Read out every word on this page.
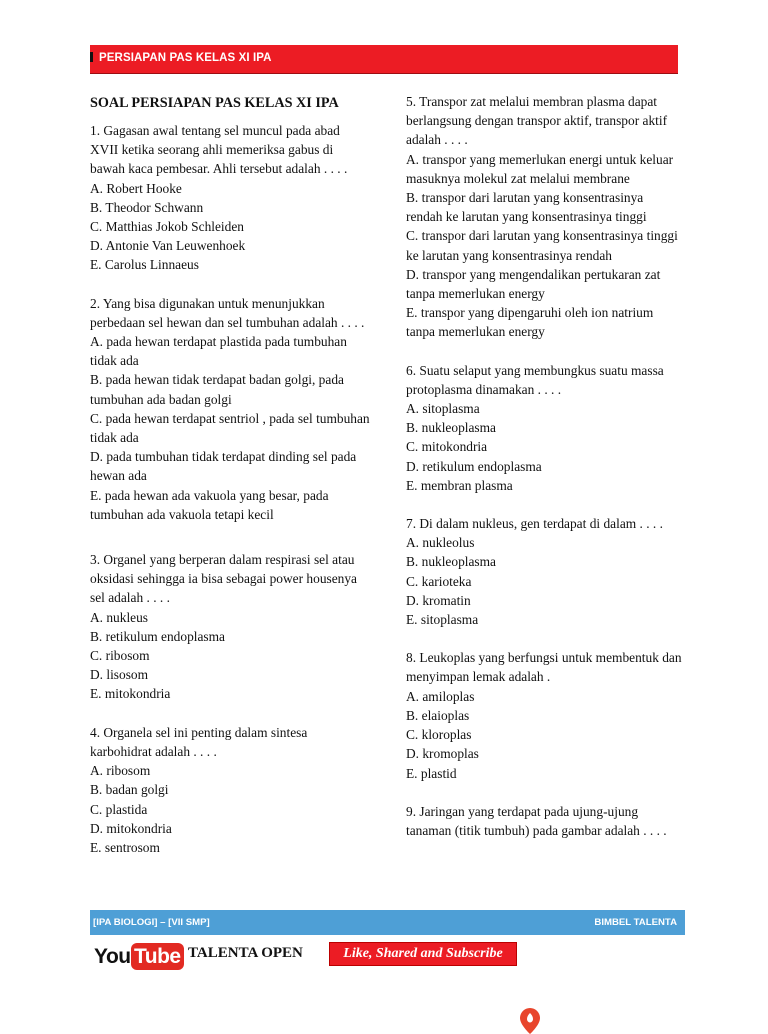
PERSIAPAN PAS KELAS XI IPA
SOAL PERSIAPAN PAS KELAS XI IPA
1. Gagasan awal tentang sel muncul pada abad XVII ketika seorang ahli memeriksa gabus di bawah kaca pembesar. Ahli tersebut adalah . . . .
A. Robert Hooke
B. Theodor Schwann
C. Matthias Jokob Schleiden
D. Antonie Van Leuwenhoek
E. Carolus Linnaeus
2. Yang bisa digunakan untuk menunjukkan perbedaan sel hewan dan sel tumbuhan adalah . . . .
A. pada hewan terdapat plastida pada tumbuhan tidak ada
B. pada hewan tidak terdapat badan golgi, pada tumbuhan ada badan golgi
C. pada hewan terdapat sentriol , pada sel tumbuhan tidak ada
D. pada tumbuhan tidak terdapat dinding sel pada hewan ada
E. pada hewan ada vakuola yang besar, pada tumbuhan ada vakuola tetapi kecil
3. Organel yang berperan dalam respirasi sel atau oksidasi sehingga ia bisa sebagai power housenya sel adalah . . . .
A. nukleus
B. retikulum endoplasma
C. ribosom
D. lisosom
E. mitokondria
4. Organela sel ini penting dalam sintesa karbohidrat adalah . . . .
A. ribosom
B. badan golgi
C. plastida
D. mitokondria
E. sentrosom
5. Transpor zat melalui membran plasma dapat berlangsung dengan transpor aktif, transpor aktif adalah . . . .
A. transpor yang memerlukan energi untuk keluar masuknya molekul zat melalui membrane
B. transpor dari larutan yang konsentrasinya rendah ke larutan yang konsentrasinya tinggi
C. transpor dari larutan yang konsentrasinya tinggi ke larutan yang konsentrasinya rendah
D. transpor yang mengendalikan pertukaran zat tanpa memerlukan energy
E. transpor yang dipengaruhi oleh ion natrium tanpa memerlukan energy
6. Suatu selaput yang membungkus suatu massa protoplasma dinamakan . . . .
A. sitoplasma
B. nukleoplasma
C. mitokondria
D. retikulum endoplasma
E. membran plasma
7. Di dalam nukleus, gen terdapat di dalam . . . .
A. nukleolus
B. nukleoplasma
C. karioteka
D. kromatin
E. sitoplasma
8. Leukoplas yang berfungsi untuk membentuk dan menyimpan lemak adalah .
A. amiloplas
B. elaioplas
C. kloroplas
D. kromoplas
E. plastid
9. Jaringan yang terdapat pada ujung-ujung tanaman (titik tumbuh) pada gambar adalah . . . .
[IPA BIOLOGI] – [VII SMP]	BIMBEL TALENTA
You Tube TALENTA OPEN	Like, Shared and Subscribe
